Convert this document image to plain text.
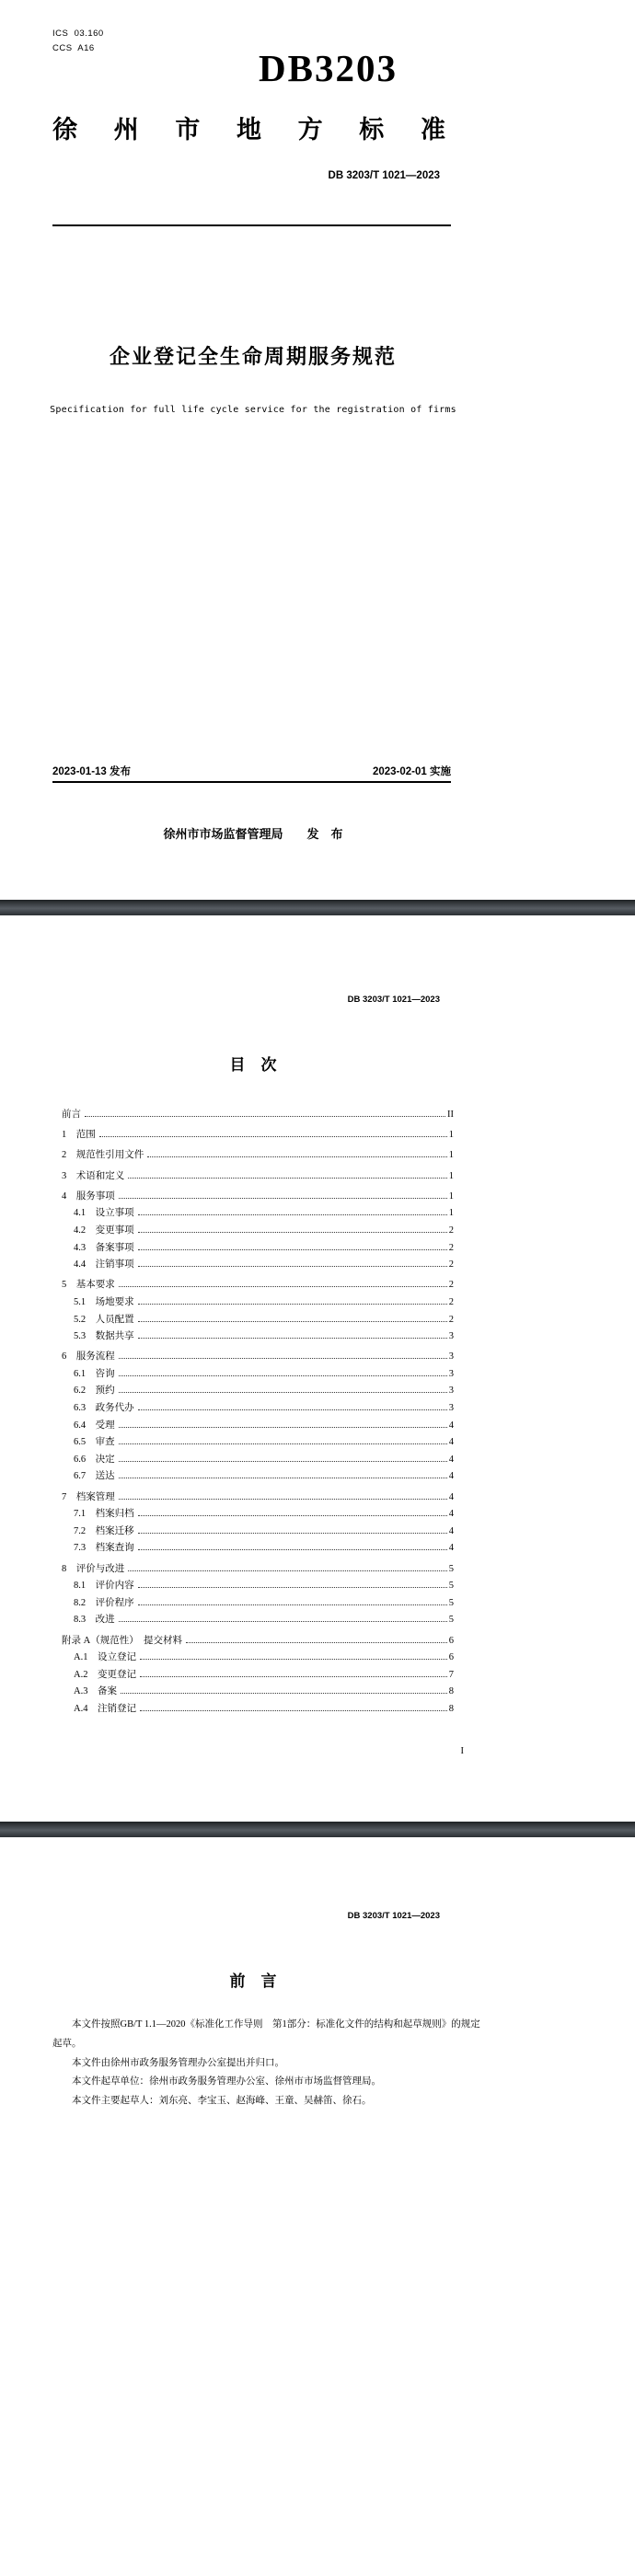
ICS  03.160
CCS  A16	DB3203
徐 州 市 地 方 标 准
DB 3203/T 1021—2023
企业登记全生命周期服务规范
Specification for full life cycle service for the registration of firms
2023-01-13 发布	2023-02-01 实施
徐州市市场监督管理局　　发　布
DB 3203/T 1021—2023
目　次
前言	II
1　范围	1
2　规范性引用文件	1
3　术语和定义	1
4　服务事项	1
4.1　设立事项	1
4.2　变更事项	2
4.3　备案事项	2
4.4　注销事项	2
5　基本要求	2
5.1　场地要求	2
5.2　人员配置	2
5.3　数据共享	3
6　服务流程	3
6.1　咨询	3
6.2　预约	3
6.3　政务代办	3
6.4　受理	4
6.5　审查	4
6.6　决定	4
6.7　送达	4
7　档案管理	4
7.1　档案归档	4
7.2　档案迁移	4
7.3　档案查询	4
8　评价与改进	5
8.1　评价内容	5
8.2　评价程序	5
8.3　改进	5
附录 A（规范性）　提交材料	6
A.1　设立登记	6
A.2　变更登记	7
A.3　备案	8
A.4　注销登记	8
I
DB 3203/T 1021—2023
前　言
本文件按照GB/T 1.1—2020《标准化工作导则　第1部分：标准化文件的结构和起草规则》的规定
起草。
本文件由徐州市政务服务管理办公室提出并归口。
本文件起草单位：徐州市政务服务管理办公室、徐州市市场监督管理局。
本文件主要起草人：刘东亮、李宝玉、赵海峰、王童、吴赫笛、徐石。
